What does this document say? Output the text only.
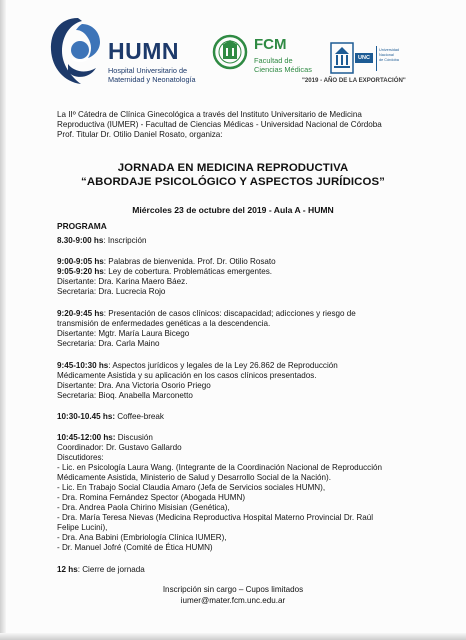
HUMN
Hospital Universitario de
Maternidad y Neonatología
FCM
Facultad de
Ciencias Médicas
UNC
Universidad
Nacional
de Córdoba
"2019 - AÑO DE LA EXPORTACIÓN"
La IIº Cátedra de Clínica Ginecológica a través del Instituto Universitario de Medicina
Reproductiva (IUMER) - Facultad de Ciencias Médicas - Universidad Nacional de Córdoba
Prof. Titular Dr. Otilio Daniel Rosato, organiza:
JORNADA EN MEDICINA REPRODUCTIVA
“ABORDAJE PSICOLÓGICO Y ASPECTOS JURÍDICOS”
Miércoles 23 de octubre del 2019 - Aula A - HUMN
PROGRAMA
8.30-9:00 hs: Inscripción
9:00-9:05 hs: Palabras de bienvenida. Prof. Dr. Otilio Rosato
9:05-9:20 hs: Ley de cobertura. Problemáticas emergentes.
Disertante: Dra. Karina Maero Báez.
Secretaria: Dra. Lucrecia Rojo
9:20-9:45 hs: Presentación de casos clínicos: discapacidad; adicciones y riesgo de
transmisión de enfermedades genéticas a la descendencia.
Disertante: Mgtr. María Laura Bicego
Secretaria: Dra. Carla Maino
9:45-10:30 hs: Aspectos jurídicos y legales de la Ley 26.862 de Reproducción
Médicamente Asistida y su aplicación en los casos clínicos presentados.
Disertante: Dra. Ana Victoria Osorio Priego
Secretaria: Bioq. Anabella Marconetto
10:30-10.45 hs: Coffee-break
10:45-12:00 hs: Discusión
Coordinador: Dr. Gustavo Gallardo
Discutidores:
- Lic. en Psicología Laura Wang. (Integrante de la Coordinación Nacional de Reproducción
Médicamente Asistida, Ministerio de Salud y Desarrollo Social de la Nación).
- Lic. En Trabajo Social Claudia Amaro (Jefa de Servicios sociales HUMN),
- Dra. Romina Fernández Spector (Abogada HUMN)
- Dra. Andrea Paola Chirino Misisian (Genética),
- Dra. María Teresa Nievas (Medicina Reproductiva Hospital Materno Provincial Dr. Raúl
Felipe Lucini),
- Dra. Ana Babini (Embriología Clínica IUMER),
- Dr. Manuel Jofré (Comité de Ética HUMN)
12 hs: Cierre de jornada
Inscripción sin cargo – Cupos limitados
iumer@mater.fcm.unc.edu.ar
